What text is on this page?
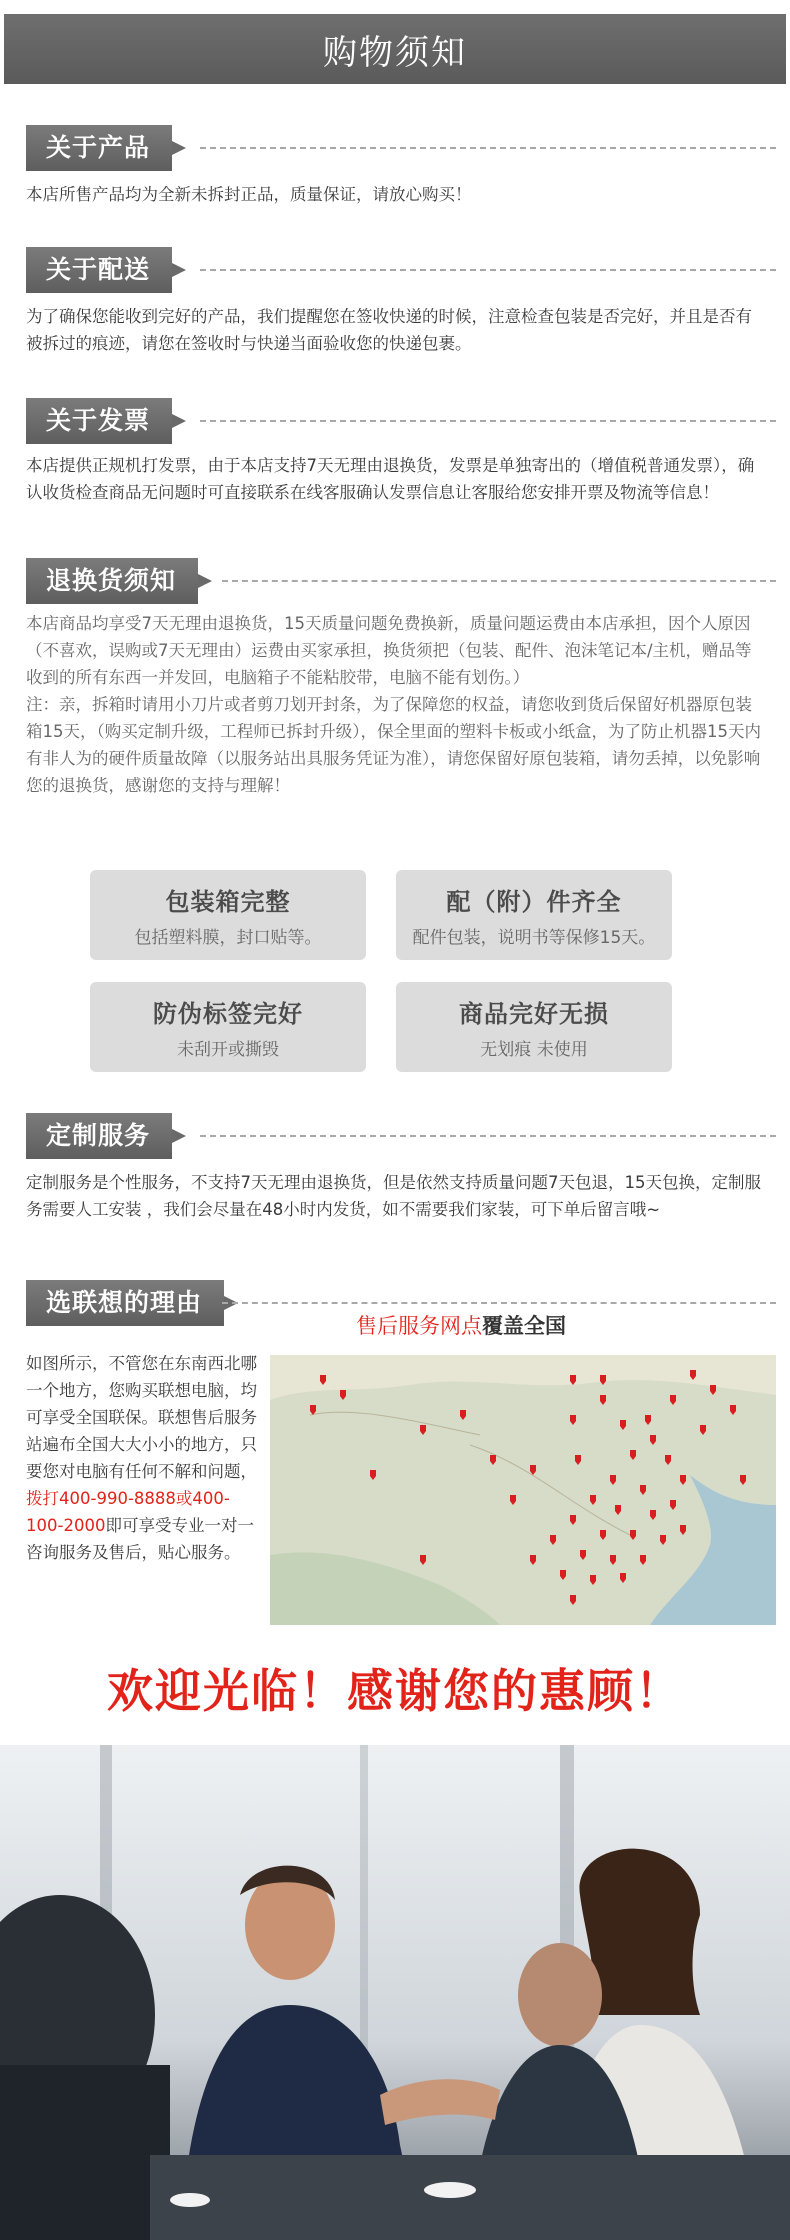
购物须知
关于产品
本店所售产品均为全新未拆封正品，质量保证，请放心购买！
关于配送
为了确保您能收到完好的产品，我们提醒您在签收快递的时候，注意检查包装是否完好，并且是否有被拆过的痕迹，请您在签收时与快递当面验收您的快递包裹。
关于发票
本店提供正规机打发票，由于本店支持7天无理由退换货，发票是单独寄出的（增值税普通发票），确认收货检查商品无问题时可直接联系在线客服确认发票信息让客服给您安排开票及物流等信息！
退换货须知
本店商品均享受7天无理由退换货，15天质量问题免费换新，质量问题运费由本店承担，因个人原因（不喜欢，误购或7天无理由）运费由买家承担，换货须把（包装、配件、泡沫笔记本/主机，赠品等收到的所有东西一并发回，电脑箱子不能粘胶带，电脑不能有划伤。）
注：亲，拆箱时请用小刀片或者剪刀划开封条，为了保障您的权益，请您收到货后保留好机器原包装箱15天，（购买定制升级，工程师已拆封升级），保全里面的塑料卡板或小纸盒，为了防止机器15天内有非人为的硬件质量故障（以服务站出具服务凭证为准），请您保留好原包装箱，请勿丢掉，以免影响您的退换货，感谢您的支持与理解！
包装箱完整
包括塑料膜，封口贴等。
配（附）件齐全
配件包装，说明书等保修15天。
防伪标签完好
未刮开或撕毁
商品完好无损
无划痕 未使用
定制服务
定制服务是个性服务，不支持7天无理由退换货，但是依然支持质量问题7天包退，15天包换，定制服务需要人工安装 ，我们会尽量在48小时内发货，如不需要我们家装，可下单后留言哦~
选联想的理由
售后服务网点覆盖全国
如图所示，不管您在东南西北哪一个地方，您购买联想电脑，均可享受全国联保。联想售后服务站遍布全国大大小小的地方，只要您对电脑有任何不解和问题，拨打400-990-8888或400-100-2000即可享受专业一对一咨询服务及售后，贴心服务。
欢迎光临！感谢您的惠顾！
